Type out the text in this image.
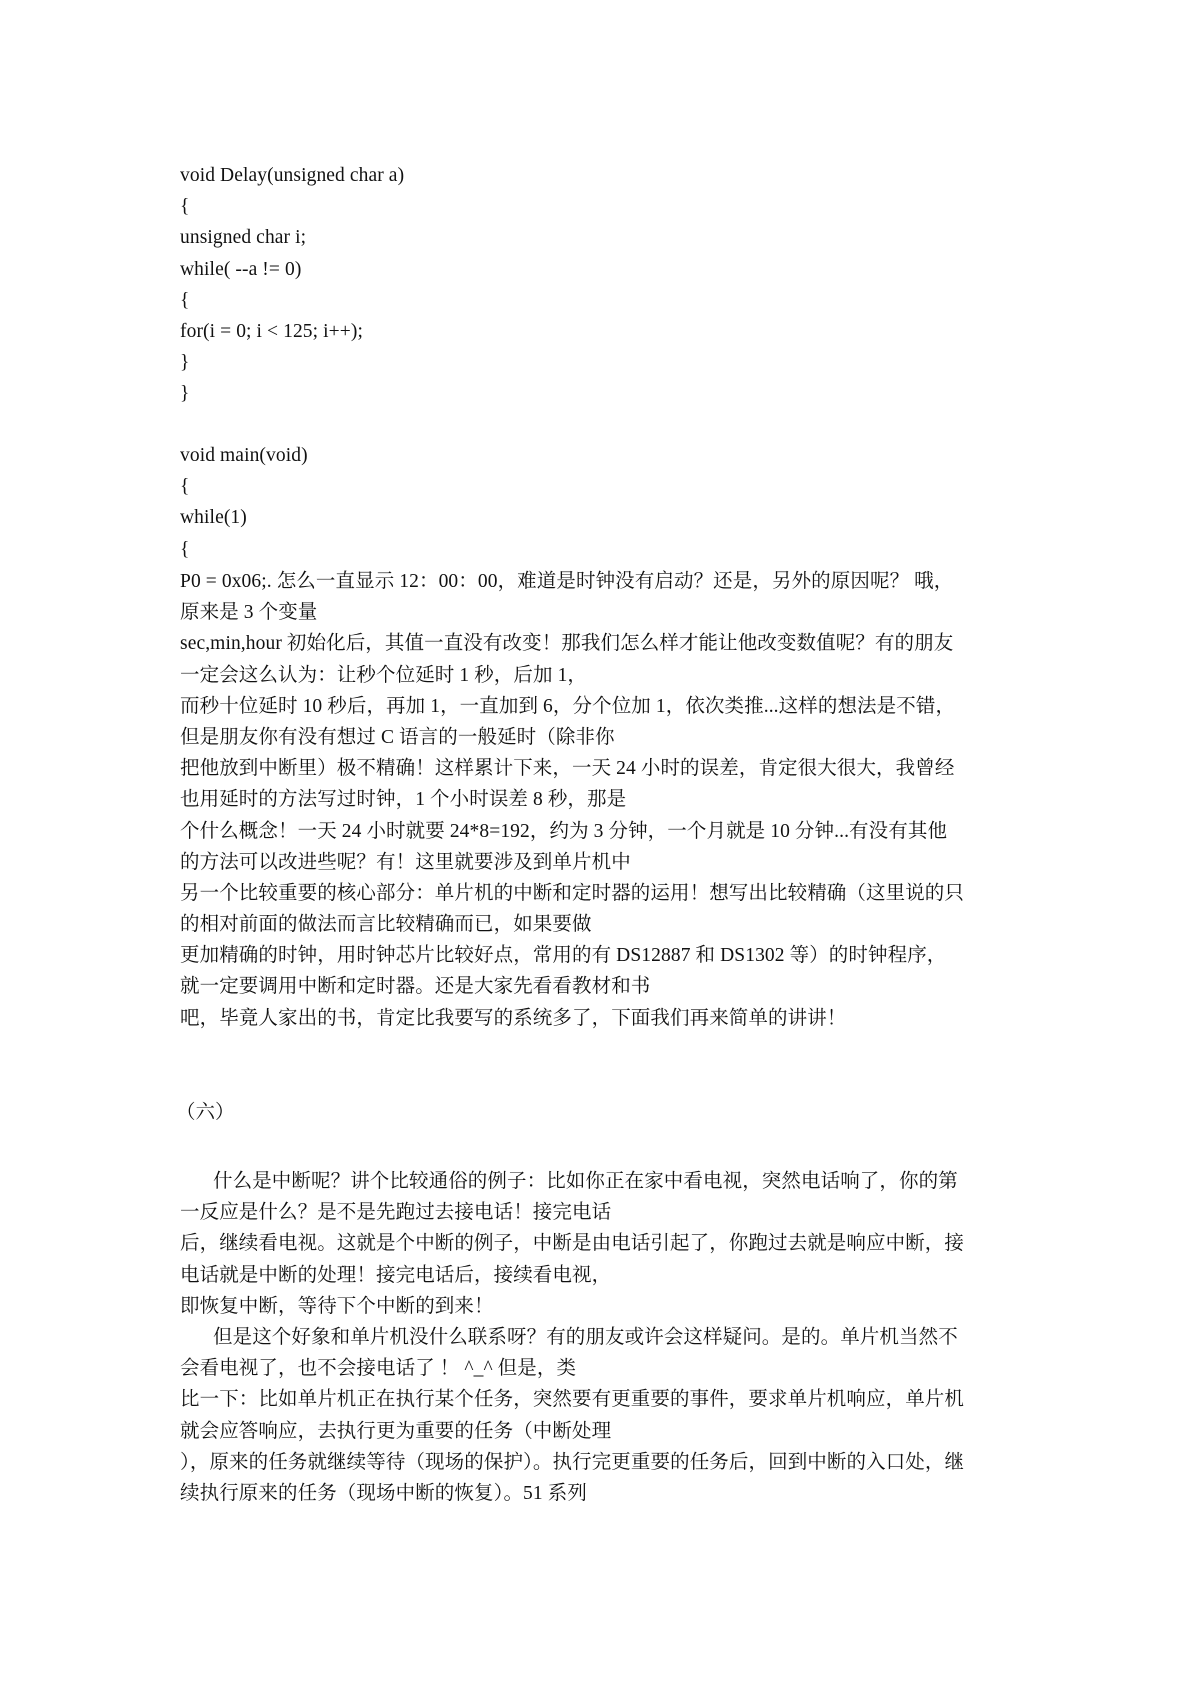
void Delay(unsigned char a)
{
unsigned char i;
while( --a != 0)
{
for(i = 0; i < 125; i++);
}
}
void main(void)
{
while(1)
{
P0 = 0x06;. 怎么一直显示 12：00：00，难道是时钟没有启动？还是，另外的原因呢？ 哦，
原来是 3 个变量
sec,min,hour 初始化后，其值一直没有改变！那我们怎么样才能让他改变数值呢？有的朋友
一定会这么认为：让秒个位延时 1 秒，后加 1，
而秒十位延时 10 秒后，再加 1，一直加到 6，分个位加 1，依次类推...这样的想法是不错，
但是朋友你有没有想过 C 语言的一般延时（除非你
把他放到中断里）极不精确！这样累计下来，一天 24 小时的误差，肯定很大很大，我曾经
也用延时的方法写过时钟，1 个小时误差 8 秒，那是
个什么概念！一天 24 小时就要 24*8=192，约为 3 分钟，一个月就是 10 分钟...有没有其他
的方法可以改进些呢？有！这里就要涉及到单片机中
另一个比较重要的核心部分：单片机的中断和定时器的运用！想写出比较精确（这里说的只
的相对前面的做法而言比较精确而已，如果要做
更加精确的时钟，用时钟芯片比较好点，常用的有 DS12887 和 DS1302 等）的时钟程序，
就一定要调用中断和定时器。还是大家先看看教材和书
吧，毕竟人家出的书，肯定比我要写的系统多了，下面我们再来简单的讲讲！
（六）
什么是中断呢？讲个比较通俗的例子：比如你正在家中看电视，突然电话响了，你的第
一反应是什么？是不是先跑过去接电话！接完电话
后，继续看电视。这就是个中断的例子，中断是由电话引起了，你跑过去就是响应中断，接
电话就是中断的处理！接完电话后，接续看电视，
即恢复中断，等待下个中断的到来！
但是这个好象和单片机没什么联系呀？有的朋友或许会这样疑问。是的。单片机当然不
会看电视了，也不会接电话了 ！ ^_^ 但是，类
比一下：比如单片机正在执行某个任务，突然要有更重要的事件，要求单片机响应，单片机
就会应答响应，去执行更为重要的任务（中断处理
），原来的任务就继续等待（现场的保护）。执行完更重要的任务后，回到中断的入口处，继
续执行原来的任务（现场中断的恢复）。51 系列
